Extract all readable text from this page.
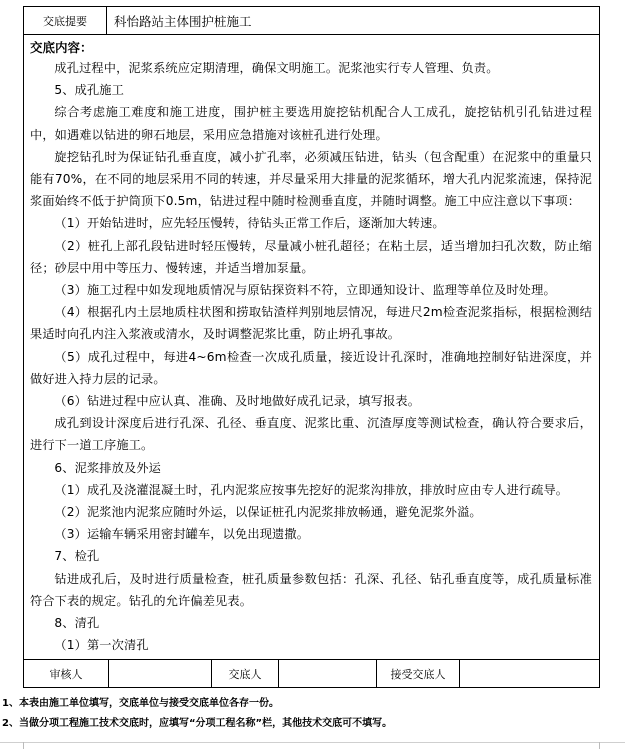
交底提要	科怡路站主体围护桩施工
交底内容：

成孔过程中，泥浆系统应定期清理，确保文明施工。泥浆池实行专人管理、负责。

5、成孔施工

综合考虑施工难度和施工进度，围护桩主要选用旋挖钻机配合人工成孔，旋挖钻机引孔钻进过程中，如遇难以钻进的卵石地层，采用应急措施对该桩孔进行处理。

旋挖钻孔时为保证钻孔垂直度，减小扩孔率，必须减压钻进，钻头（包含配重）在泥浆中的重量只能有70%，在不同的地层采用不同的转速，并尽量采用大排量的泥浆循环，增大孔内泥浆流速，保持泥浆面始终不低于护筒顶下0.5m，钻进过程中随时检测垂直度，并随时调整。施工中应注意以下事项：

（1）开始钻进时，应先轻压慢转，待钻头正常工作后，逐渐加大转速。

（2）桩孔上部孔段钻进时轻压慢转，尽量减小桩孔超径；在粘土层，适当增加扫孔次数，防止缩径；砂层中用中等压力、慢转速，并适当增加泵量。

（3）施工过程中如发现地质情况与原钻探资料不符，立即通知设计、监理等单位及时处理。

（4）根据孔内土层地质柱状图和捞取钻渣样判别地层情况，每进尺2m检查泥浆指标，根据检测结果适时向孔内注入浆液或清水，及时调整泥浆比重，防止坍孔事故。

（5）成孔过程中，每进4~6m检查一次成孔质量，接近设计孔深时，准确地控制好钻进深度，并做好进入持力层的记录。

（6）钻进过程中应认真、准确、及时地做好成孔记录，填写报表。

成孔到设计深度后进行孔深、孔径、垂直度、泥浆比重、沉渣厚度等测试检查，确认符合要求后，进行下一道工序施工。

6、泥浆排放及外运

（1）成孔及浇灌混凝土时，孔内泥浆应按事先挖好的泥浆沟排放，排放时应由专人进行疏导。

（2）泥浆池内泥浆应随时外运，以保证桩孔内泥浆排放畅通，避免泥浆外溢。

（3）运输车辆采用密封罐车，以免出现遗撒。

7、检孔

钻进成孔后，及时进行质量检查，桩孔质量参数包括：孔深、孔径、钻孔垂直度等，成孔质量标准符合下表的规定。钻孔的允许偏差见表。

8、清孔

（1）第一次清孔

审核人	交底人	接受交底人
1、本表由施工单位填写，交底单位与接受交底单位各存一份。
2、当做分项工程施工技术交底时，应填写“分项工程名称”栏，其他技术交底可不填写。
